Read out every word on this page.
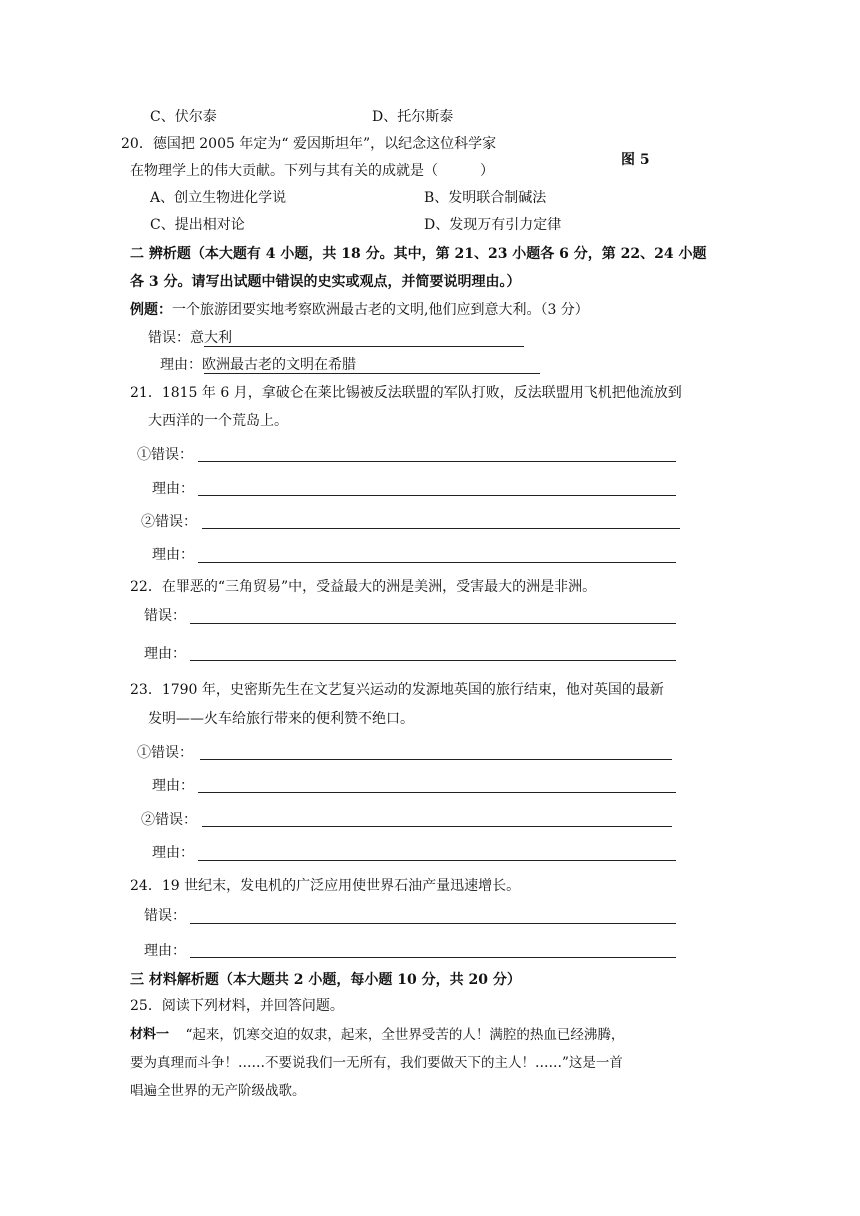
C、伏尔泰	D、托尔斯泰
20．德国把 2005 年定为“ 爱因斯坦年”，以纪念这位科学家
在物理学上的伟大贡献。下列与其有关的成就是（　　　）
图 5
A、创立生物进化学说	B、发明联合制碱法
C、提出相对论	D、发现万有引力定律
二 辨析题（本大题有 4 小题，共 18 分。其中，第 21、23 小题各 6 分，第 22、24 小题
各 3 分。请写出试题中错误的史实或观点，并简要说明理由。）
例题： 一个旅游团要实地考察欧洲最古老的文明,他们应到意大利。（3 分）
错误：意大利
理由：欧洲最古老的文明在希腊
21．1815 年 6 月，拿破仑在莱比锡被反法联盟的军队打败，反法联盟用飞机把他流放到
大西洋的一个荒岛上。
①错误：
理由：
②错误：
理由：
22．在罪恶的“三角贸易”中，受益最大的洲是美洲，受害最大的洲是非洲。
错误：
理由：
23．1790 年，史密斯先生在文艺复兴运动的发源地英国的旅行结束，他对英国的最新
发明——火车给旅行带来的便利赞不绝口。
①错误：
理由：
②错误：
理由：
24．19 世纪末，发电机的广泛应用使世界石油产量迅速增长。
错误：
理由：
三 材料解析题（本大题共 2 小题，每小题 10 分，共 20 分）
25．阅读下列材料，并回答问题。
材料一 　“起来，饥寒交迫的奴隶，起来，全世界受苦的人！满腔的热血已经沸腾，
要为真理而斗争！……不要说我们一无所有，我们要做天下的主人！……”这是一首
唱遍全世界的无产阶级战歌。
